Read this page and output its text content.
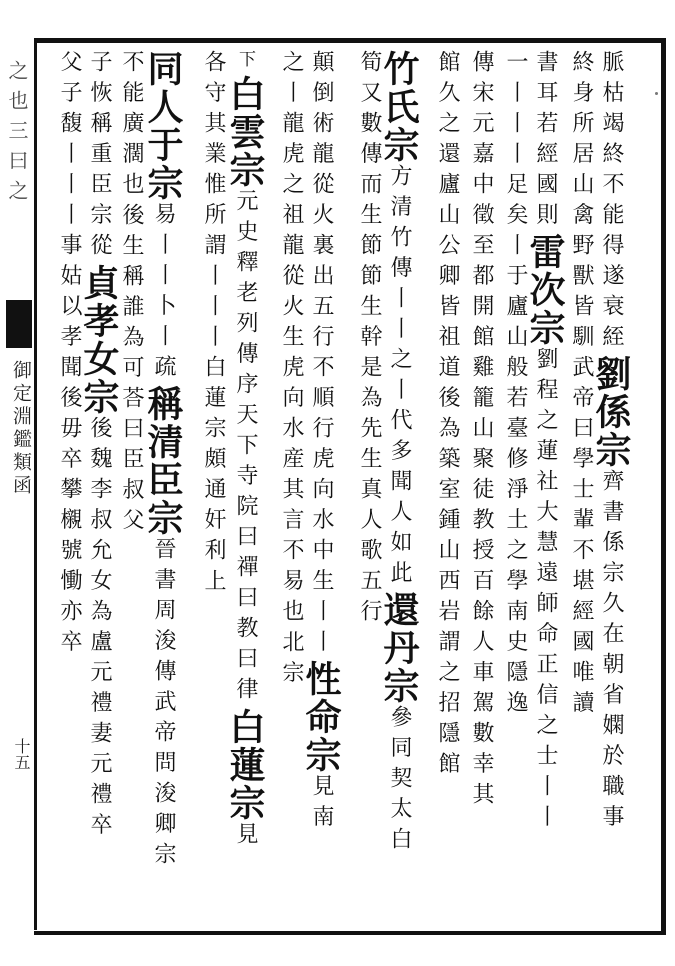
之也三曰之
御定淵鑑類函
十五
脈枯竭終不能得遂衰絰
劉係宗
齊書係宗久在朝省嫻於職事
終身所居山禽野獸皆馴
武帝曰學士輩不堪經國唯讀
書耳若經國則
雷次宗
劉程之蓮社大慧遠師命正信之士丨丨
一丨丨丨足矣
丨于廬山般若臺修淨土之學南史隱逸
傳宋元嘉中徵至都開館雞籠山聚徒教授百餘人車駕數幸其
館久之還廬山公卿皆祖道後為築室鍾山西岩謂之招隱館
竹氏宗
方清竹傳丨丨之丨代多聞人如此
還丹宗
參同契太白
筍又數傳而生節節生幹是為先生
真人歌五行
顛倒術龍從火裏出五行不順行虎向水中生丨丨
性命宗
見南
之丨龍虎之祖龍從火生虎向水産其言不易也
北宗
下
白雲宗
元史釋老列傳序天下寺院曰禪曰教曰律
白蓮宗
見
各守其業惟所謂丨丨丨白蓮宗頗通奸利
上
同人于宗
易丨丨卜丨疏
稱清臣宗
晉書周浚傳武帝問浚卿宗
不能廣濶也
後生稱誰為可荅曰臣叔父
子恢稱重臣宗從
貞孝女宗
後魏李叔允女為盧元禮妻元禮卒
父子馥丨丨丨
事姑以孝聞後毋卒攀櫬號慟亦卒
